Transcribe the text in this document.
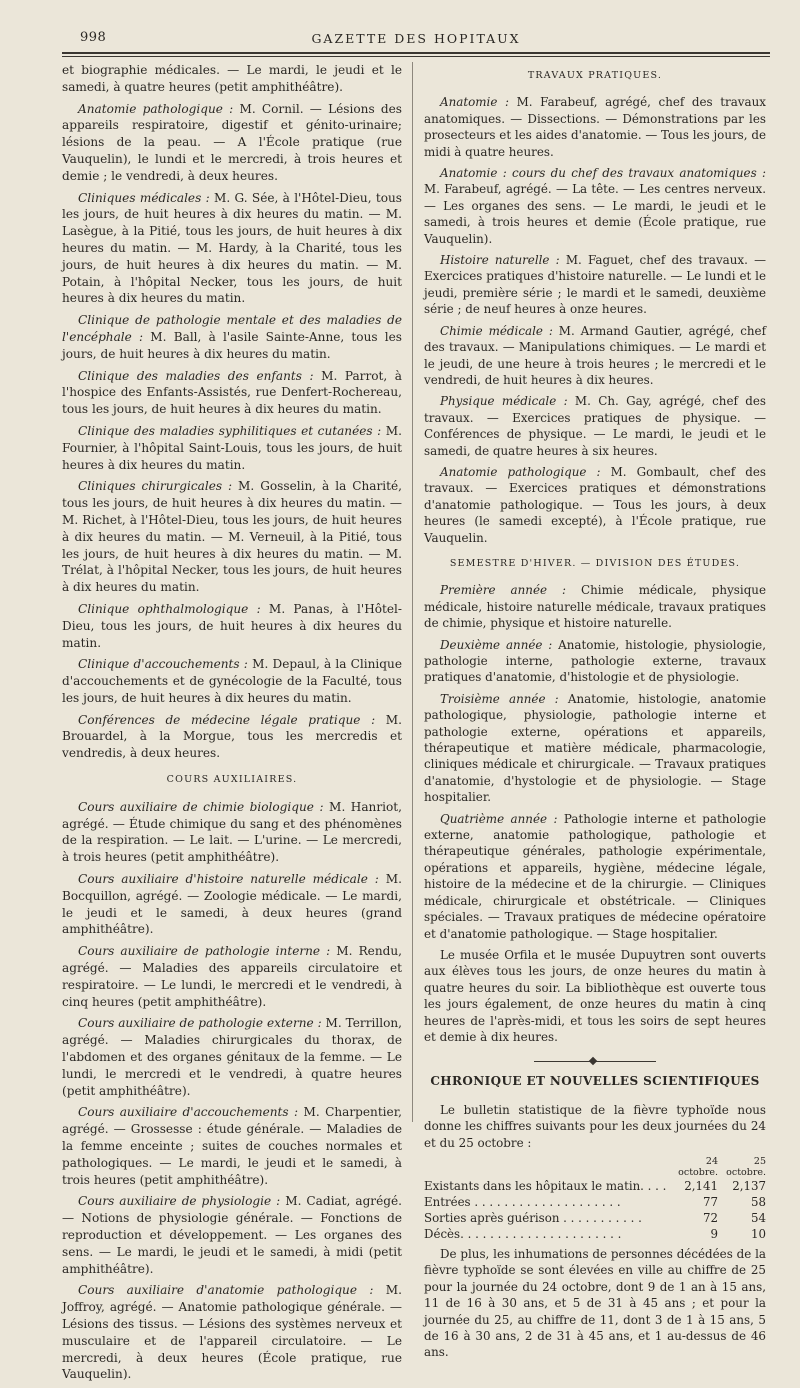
998	GAZETTE DES HOPITAUX

et biographie médicales. — Le mardi, le jeudi et le samedi, à quatre heures (petit amphithéâtre).

Anatomie pathologique : M. Cornil. — Lésions des appareils respiratoire, digestif et génito-urinaire; lésions de la peau. — A l'École pratique (rue Vauquelin), le lundi et le mercredi, à trois heures et demie ; le vendredi, à deux heures.

Cliniques médicales : M. G. Sée, à l'Hôtel-Dieu, tous les jours, de huit heures à dix heures du matin. — M. Lasègue, à la Pitié, tous les jours, de huit heures à dix heures du matin. — M. Hardy, à la Charité, tous les jours, de huit heures à dix heures du matin. — M. Potain, à l'hôpital Necker, tous les jours, de huit heures à dix heures du matin.

Clinique de pathologie mentale et des maladies de l'encéphale : M. Ball, à l'asile Sainte-Anne, tous les jours, de huit heures à dix heures du matin.

Clinique des maladies des enfants : M. Parrot, à l'hospice des Enfants-Assistés, rue Denfert-Rochereau, tous les jours, de huit heures à dix heures du matin.

Clinique des maladies syphilitiques et cutanées : M. Fournier, à l'hôpital Saint-Louis, tous les jours, de huit heures à dix heures du matin.

Cliniques chirurgicales : M. Gosselin, à la Charité, tous les jours, de huit heures à dix heures du matin. — M. Richet, à l'Hôtel-Dieu, tous les jours, de huit heures à dix heures du matin. — M. Verneuil, à la Pitié, tous les jours, de huit heures à dix heures du matin. — M. Trélat, à l'hôpital Necker, tous les jours, de huit heures à dix heures du matin.

Clinique ophthalmologique : M. Panas, à l'Hôtel-Dieu, tous les jours, de huit heures à dix heures du matin.

Clinique d'accouchements : M. Depaul, à la Clinique d'accouchements et de gynécologie de la Faculté, tous les jours, de huit heures à dix heures du matin.

Conférences de médecine légale pratique : M. Brouardel, à la Morgue, tous les mercredis et vendredis, à deux heures.

COURS AUXILIAIRES.

Cours auxiliaire de chimie biologique : M. Hanriot, agrégé. — Étude chimique du sang et des phénomènes de la respiration. — Le lait. — L'urine. — Le mercredi, à trois heures (petit amphithéâtre).

Cours auxiliaire d'histoire naturelle médicale : M. Bocquillon, agrégé. — Zoologie médicale. — Le mardi, le jeudi et le samedi, à deux heures (grand amphithéâtre).

Cours auxiliaire de pathologie interne : M. Rendu, agrégé. — Maladies des appareils circulatoire et respiratoire. — Le lundi, le mercredi et le vendredi, à cinq heures (petit amphithéâtre).

Cours auxiliaire de pathologie externe : M. Terrillon, agrégé. — Maladies chirurgicales du thorax, de l'abdomen et des organes génitaux de la femme. — Le lundi, le mercredi et le vendredi, à quatre heures (petit amphithéâtre).

Cours auxiliaire d'accouchements : M. Charpentier, agrégé. — Grossesse : étude générale. — Maladies de la femme enceinte ; suites de couches normales et pathologiques. — Le mardi, le jeudi et le samedi, à trois heures (petit amphithéâtre).

Cours auxiliaire de physiologie : M. Cadiat, agrégé. — Notions de physiologie générale. — Fonctions de reproduction et développement. — Les organes des sens. — Le mardi, le jeudi et le samedi, à midi (petit amphithéâtre).

Cours auxiliaire d'anatomie pathologique : M. Joffroy, agrégé. — Anatomie pathologique générale. — Lésions des tissus. — Lésions des systèmes nerveux et musculaire et de l'appareil circulatoire. — Le mercredi, à deux heures (École pratique, rue Vauquelin).

TRAVAUX PRATIQUES.

Anatomie : M. Farabeuf, agrégé, chef des travaux anatomiques. — Dissections. — Démonstrations par les prosecteurs et les aides d'anatomie. — Tous les jours, de midi à quatre heures.

Anatomie : cours du chef des travaux anatomiques : M. Farabeuf, agrégé. — La tête. — Les centres nerveux. — Les organes des sens. — Le mardi, le jeudi et le samedi, à trois heures et demie (École pratique, rue Vauquelin).

Histoire naturelle : M. Faguet, chef des travaux. — Exercices pratiques d'histoire naturelle. — Le lundi et le jeudi, première série ; le mardi et le samedi, deuxième série ; de neuf heures à onze heures.

Chimie médicale : M. Armand Gautier, agrégé, chef des travaux. — Manipulations chimiques. — Le mardi et le jeudi, de une heure à trois heures ; le mercredi et le vendredi, de huit heures à dix heures.

Physique médicale : M. Ch. Gay, agrégé, chef des travaux. — Exercices pratiques de physique. — Conférences de physique. — Le mardi, le jeudi et le samedi, de quatre heures à six heures.

Anatomie pathologique : M. Gombault, chef des travaux. — Exercices pratiques et démonstrations d'anatomie pathologique. — Tous les jours, à deux heures (le samedi excepté), à l'École pratique, rue Vauquelin.

SEMESTRE D'HIVER. — DIVISION DES ÉTUDES.

Première année : Chimie médicale, physique médicale, histoire naturelle médicale, travaux pratiques de chimie, physique et histoire naturelle.

Deuxième année : Anatomie, histologie, physiologie, pathologie interne, pathologie externe, travaux pratiques d'anatomie, d'histologie et de physiologie.

Troisième année : Anatomie, histologie, anatomie pathologique, physiologie, pathologie interne et pathologie externe, opérations et appareils, thérapeutique et matière médicale, pharmacologie, cliniques médicale et chirurgicale. — Travaux pratiques d'anatomie, d'hystologie et de physiologie. — Stage hospitalier.

Quatrième année : Pathologie interne et pathologie externe, anatomie pathologique, pathologie et thérapeutique générales, pathologie expérimentale, opérations et appareils, hygiène, médecine légale, histoire de la médecine et de la chirurgie. — Cliniques médicale, chirurgicale et obstétricale. — Cliniques spéciales. — Travaux pratiques de médecine opératoire et d'anatomie pathologique. — Stage hospitalier.

Le musée Orfila et le musée Dupuytren sont ouverts aux élèves tous les jours, de onze heures du matin à quatre heures du soir. La bibliothèque est ouverte tous les jours également, de onze heures du matin à cinq heures de l'après-midi, et tous les soirs de sept heures et demie à dix heures.

CHRONIQUE ET NOUVELLES SCIENTIFIQUES

Le bulletin statistique de la fièvre typhoïde nous donne les chiffres suivants pour les deux journées du 24 et du 25 octobre :

	24	25
	octobre.	octobre.
Existants dans les hôpitaux le matin. . . .	2,141	2,137
Entrées . . . . . . . . . . . . . . . . . . . .	77	58
Sorties après guérison . . . . . . . . . . .	72	54
Décès. . . . . . . . . . . . . . . . . . . . . .	9	10

De plus, les inhumations de personnes décédées de la fièvre typhoïde se sont élevées en ville au chiffre de 25 pour la journée du 24 octobre, dont 9 de 1 an à 15 ans, 11 de 16 à 30 ans, et 5 de 31 à 45 ans ; et pour la journée du 25, au chiffre de 11, dont 3 de 1 à 15 ans, 5 de 16 à 30 ans, 2 de 31 à 45 ans, et 1 au-dessus de 46 ans.
